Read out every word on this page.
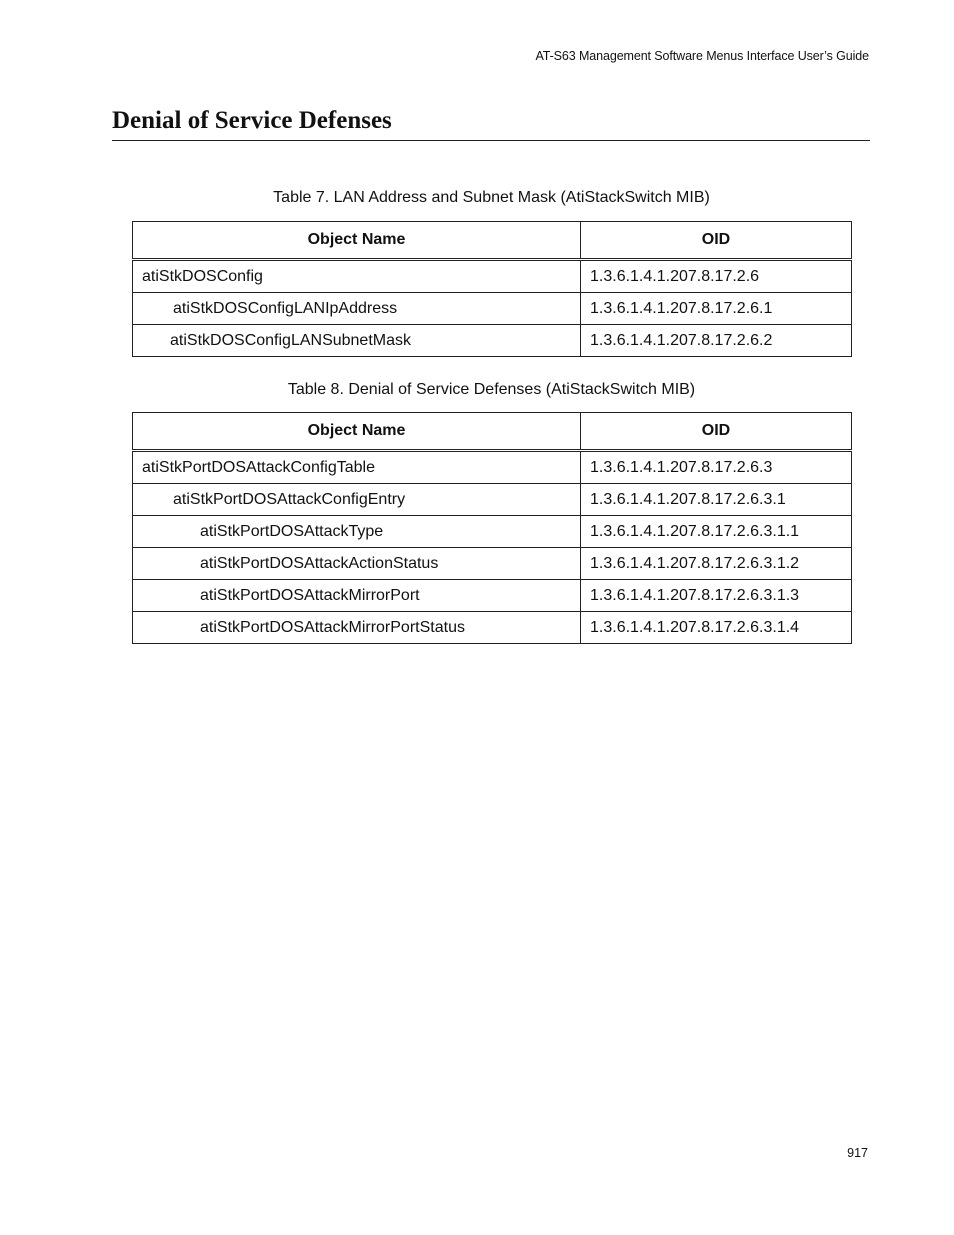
AT-S63 Management Software Menus Interface User’s Guide
Denial of Service Defenses
Table 7. LAN Address and Subnet Mask (AtiStackSwitch MIB)
Object Name	OID
atiStkDOSConfig	1.3.6.1.4.1.207.8.17.2.6
atiStkDOSConfigLANIpAddress	1.3.6.1.4.1.207.8.17.2.6.1
atiStkDOSConfigLANSubnetMask	1.3.6.1.4.1.207.8.17.2.6.2
Table 8. Denial of Service Defenses (AtiStackSwitch MIB)
Object Name	OID
atiStkPortDOSAttackConfigTable	1.3.6.1.4.1.207.8.17.2.6.3
atiStkPortDOSAttackConfigEntry	1.3.6.1.4.1.207.8.17.2.6.3.1
atiStkPortDOSAttackType	1.3.6.1.4.1.207.8.17.2.6.3.1.1
atiStkPortDOSAttackActionStatus	1.3.6.1.4.1.207.8.17.2.6.3.1.2
atiStkPortDOSAttackMirrorPort	1.3.6.1.4.1.207.8.17.2.6.3.1.3
atiStkPortDOSAttackMirrorPortStatus	1.3.6.1.4.1.207.8.17.2.6.3.1.4
917
